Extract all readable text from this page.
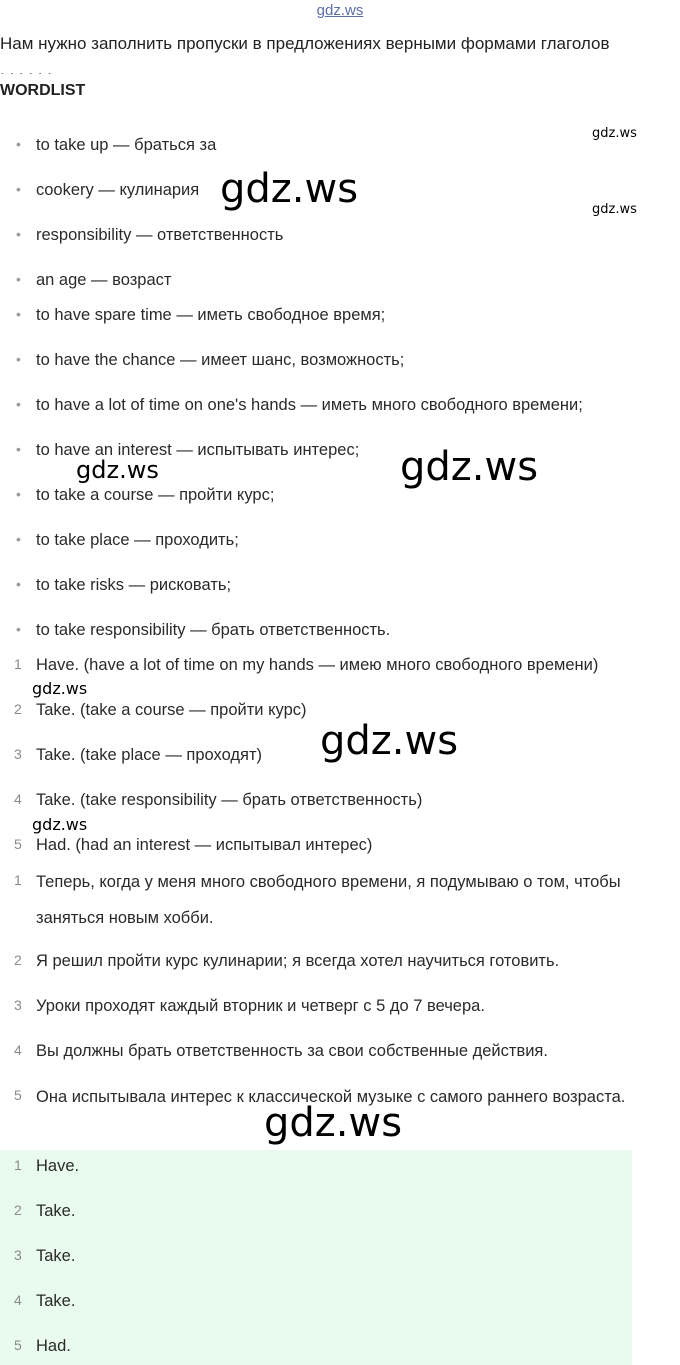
gdz.ws
Нам нужно заполнить пропуски в предложениях верными формами глаголов
. . . . . .
WORDLIST
• to take up — браться за
• cookery — кулинария
• responsibility — ответственность
• an age — возраст
• to have spare time — иметь свободное время;
• to have the chance — имеет шанс, возможность;
• to have a lot of time on one's hands — иметь много свободного времени;
• to have an interest — испытывать интерес;
• to take a course — пройти курс;
• to take place — проходить;
• to take risks — рисковать;
• to take responsibility — брать ответственность.
1 Have. (have a lot of time on my hands — имею много свободного времени)
2 Take. (take a course — пройти курс)
3 Take. (take place — проходят)
4 Take. (take responsibility — брать ответственность)
5 Had. (had an interest — испытывал интерес)
1 Теперь, когда у меня много свободного времени, я подумываю о том, чтобы заняться новым хобби.
2 Я решил пройти курс кулинарии; я всегда хотел научиться готовить.
3 Уроки проходят каждый вторник и четверг с 5 до 7 вечера.
4 Вы должны брать ответственность за свои собственные действия.
5 Она испытывала интерес к классической музыке с самого раннего возраста.
1 Have.
2 Take.
3 Take.
4 Take.
5 Had.
gdz.ws
gdz.ws	gdz.ws
gdz.ws	gdz.ws
gdz.ws
gdz.ws
gdz.ws
gdz.ws
